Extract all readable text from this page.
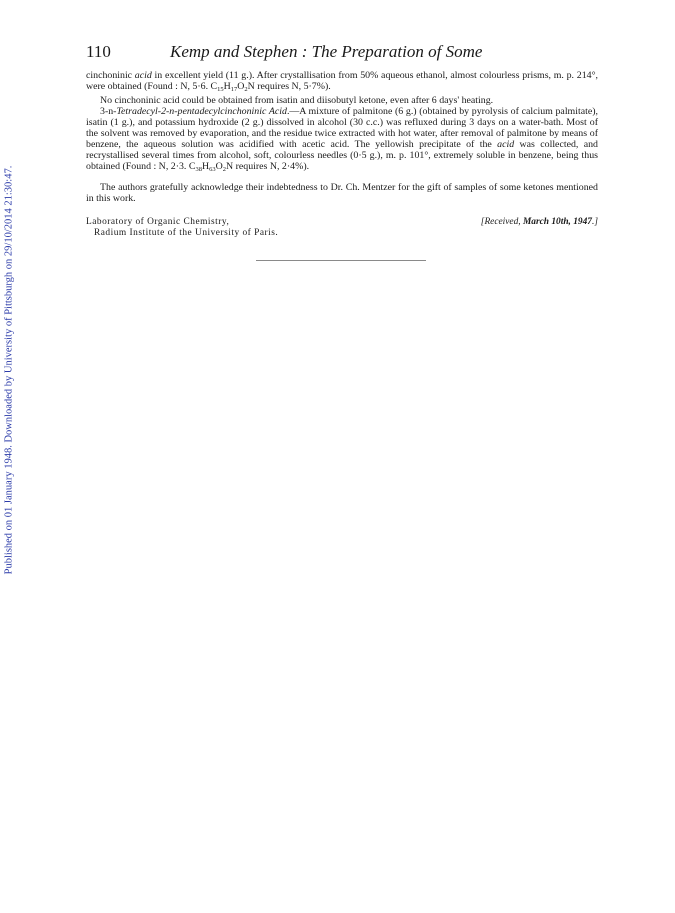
Published on 01 January 1948. Downloaded by University of Pittsburgh on 29/10/2014 21:30:47.
110	Kemp and Stephen : The Preparation of Some

cinchoninic acid in excellent yield (11 g.). After crystallisation from 50% aqueous ethanol, almost colourless prisms, m. p. 214°, were obtained (Found : N, 5·6. $C_{15}H_{17}O_2N$ requires N, 5·7%).

No cinchoninic acid could be obtained from isatin and diisobutyl ketone, even after 6 days' heating.

3-n-Tetradecyl-2-n-pentadecylcinchoninic Acid.—A mixture of palmitone (6 g.) (obtained by pyrolysis of calcium palmitate), isatin (1 g.), and potassium hydroxide (2 g.) dissolved in alcohol (30 c.c.) was refluxed during 3 days on a water-bath. Most of the solvent was removed by evaporation, and the residue twice extracted with hot water, after removal of palmitone by means of benzene, the aqueous solution was acidified with acetic acid. The yellowish precipitate of the acid was collected, and recrystallised several times from alcohol, soft, colourless needles (0·5 g.), m. p. 101°, extremely soluble in benzene, being thus obtained (Found : N, 2·3. $C_{38}H_{63}O_2N$ requires N, 2·4%).

The authors gratefully acknowledge their indebtedness to Dr. Ch. Mentzer for the gift of samples of some ketones mentioned in this work.

Laboratory of Organic Chemistry,
Radium Institute of the University of Paris.
[Received, March 10th, 1947.]
